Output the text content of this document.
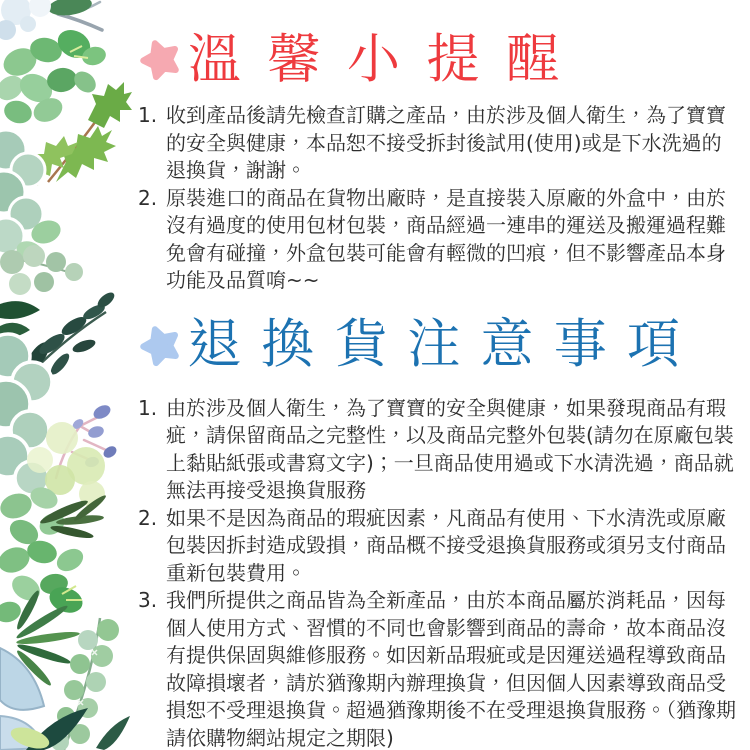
溫馨小提醒
1. 收到產品後請先檢查訂購之產品，由於涉及個人衛生，為了寶寶的安全與健康，本品恕不接受拆封後試用(使用)或是下水洗過的退換貨，謝謝。

2. 原裝進口的商品在貨物出廠時，是直接裝入原廠的外盒中，由於沒有過度的使用包材包裝，商品經過一連串的運送及搬運過程難免會有碰撞，外盒包裝可能會有輕微的凹痕，但不影響產品本身功能及品質唷~~

退換貨注意事項
1. 由於涉及個人衛生，為了寶寶的安全與健康，如果發現商品有瑕疵，請保留商品之完整性，以及商品完整外包裝(請勿在原廠包裝上黏貼紙張或書寫文字)；一旦商品使用過或下水清洗過，商品就無法再接受退換貨服務

2. 如果不是因為商品的瑕疵因素，凡商品有使用、下水清洗或原廠包裝因拆封造成毀損，商品概不接受退換貨服務或須另支付商品重新包裝費用。

3. 我們所提供之商品皆為全新產品，由於本商品屬於消耗品，因每個人使用方式、習慣的不同也會影響到商品的壽命，故本商品沒有提供保固與維修服務。如因新品瑕疵或是因運送過程導致商品故障損壞者，請於猶豫期內辦理換貨，但因個人因素導致商品受損恕不受理退換貨。超過猶豫期後不在受理退換貨服務。（猶豫期請依購物網站規定之期限)
